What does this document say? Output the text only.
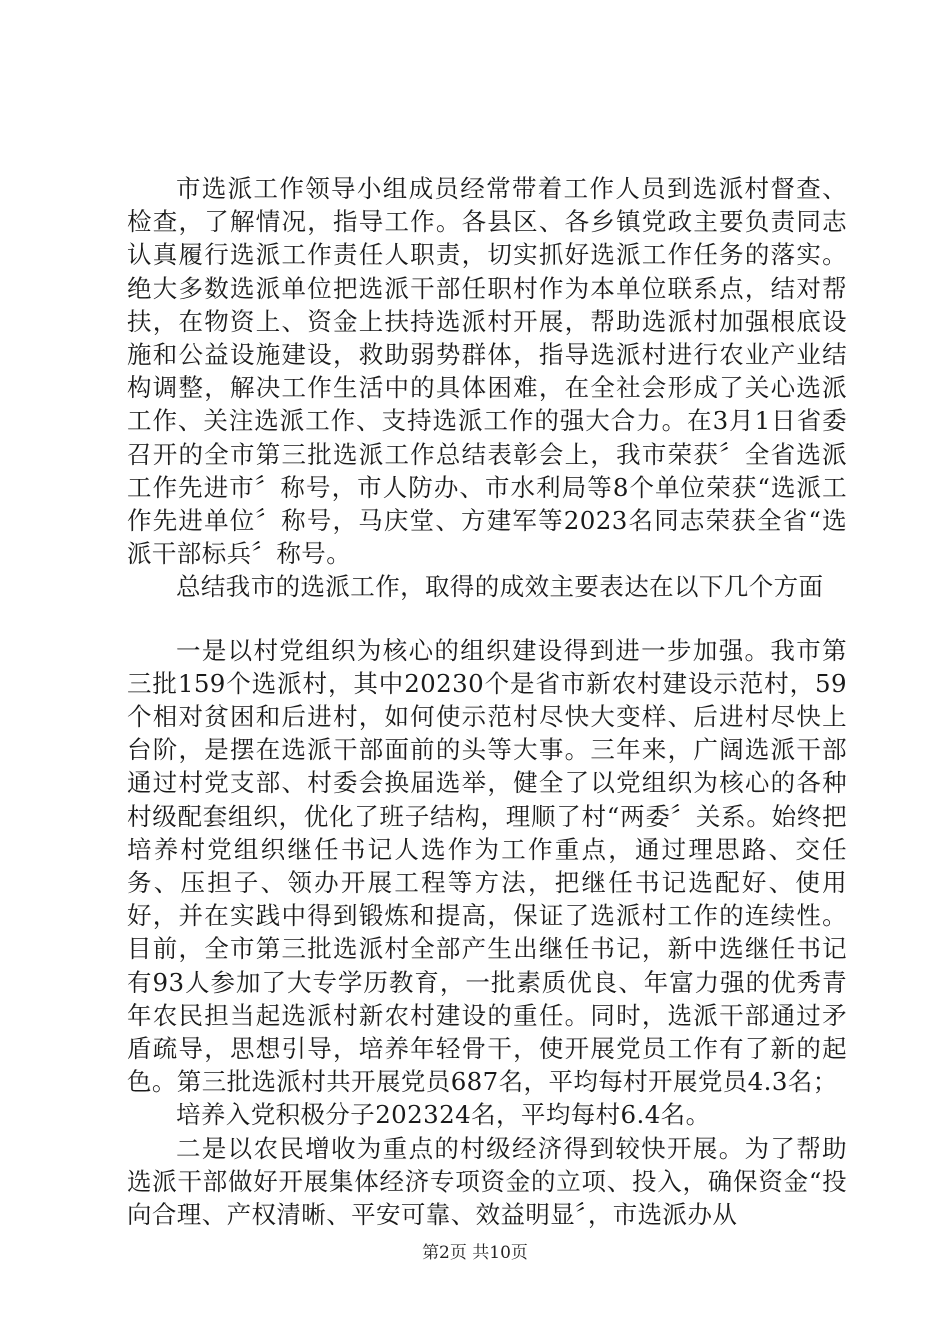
市选派工作领导小组成员经常带着工作人员到选派村督查、检查，了解情况，指导工作。各县区、各乡镇党政主要负责同志认真履行选派工作责任人职责，切实抓好选派工作任务的落实。绝大多数选派单位把选派干部任职村作为本单位联系点，结对帮扶，在物资上、资金上扶持选派村开展，帮助选派村加强根底设施和公益设施建设，救助弱势群体，指导选派村进行农业产业结构调整，解决工作生活中的具体困难，在全社会形成了关心选派工作、关注选派工作、支持选派工作的强大合力。在3月1日省委召开的全市第三批选派工作总结表彰会上，我市荣获〞全省选派工作先进市〞称号，市人防办、市水利局等8个单位荣获“选派工作先进单位〞称号，马庆堂、方建军等2023名同志荣获全省“选派干部标兵〞称号。

总结我市的选派工作，取得的成效主要表达在以下几个方面

一是以村党组织为核心的组织建设得到进一步加强。我市第三批159个选派村，其中20230个是省市新农村建设示范村，59个相对贫困和后进村，如何使示范村尽快大变样、后进村尽快上台阶，是摆在选派干部面前的头等大事。三年来，广阔选派干部通过村党支部、村委会换届选举，健全了以党组织为核心的各种村级配套组织，优化了班子结构，理顺了村“两委〞关系。始终把培养村党组织继任书记人选作为工作重点，通过理思路、交任务、压担子、领办开展工程等方法，把继任书记选配好、使用好，并在实践中得到锻炼和提高，保证了选派村工作的连续性。目前，全市第三批选派村全部产生出继任书记，新中选继任书记有93人参加了大专学历教育，一批素质优良、年富力强的优秀青年农民担当起选派村新农村建设的重任。同时，选派干部通过矛盾疏导，思想引导，培养年轻骨干，使开展党员工作有了新的起色。第三批选派村共开展党员687名，平均每村开展党员4.3名；

培养入党积极分子202324名，平均每村6.4名。

二是以农民增收为重点的村级经济得到较快开展。为了帮助选派干部做好开展集体经济专项资金的立项、投入，确保资金“投向合理、产权清晰、平安可靠、效益明显〞，市选派办从

第2页 共10页
